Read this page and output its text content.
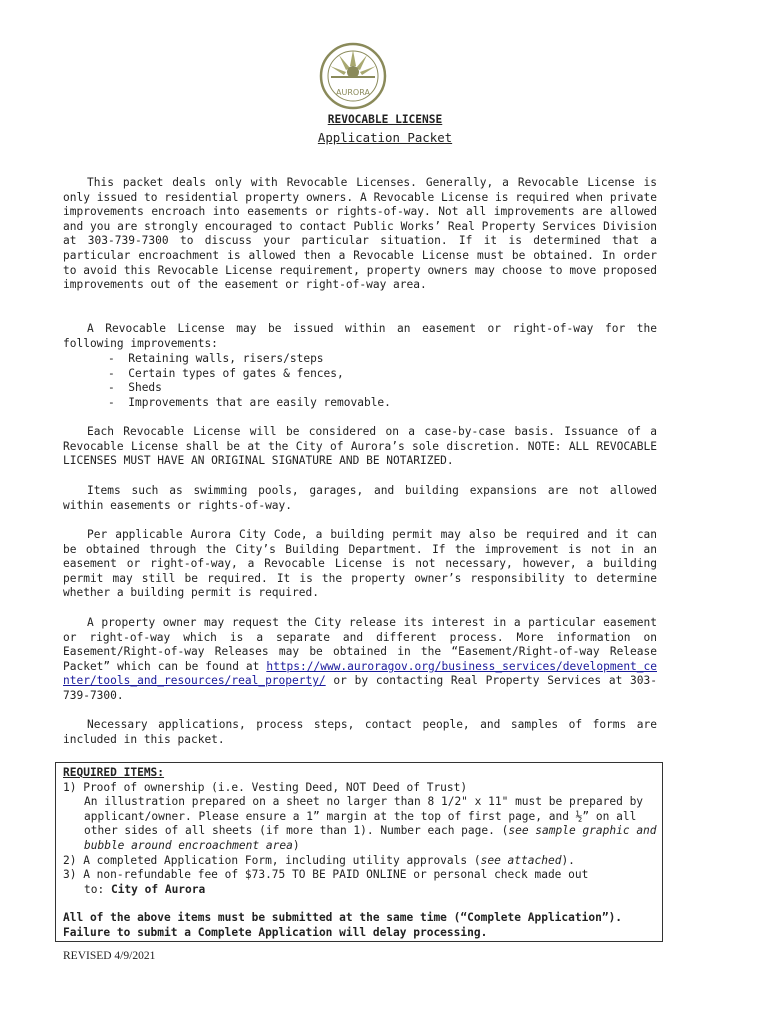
AURORA
REVOCABLE LICENSE
Application Packet

This packet deals only with Revocable Licenses. Generally, a Revocable License is only issued to residential property owners. A Revocable License is required when private improvements encroach into easements or rights-of-way. Not all improvements are allowed and you are strongly encouraged to contact Public Works’ Real Property Services Division at 303-739-7300 to discuss your particular situation. If it is determined that a particular encroachment is allowed then a Revocable License must be obtained. In order to avoid this Revocable License requirement, property owners may choose to move proposed improvements out of the easement or right-of-way area.

A Revocable License may be issued within an easement or right-of-way for the following improvements:

- Retaining walls, risers/steps
- Certain types of gates & fences,
- Sheds
- Improvements that are easily removable.

Each Revocable License will be considered on a case-by-case basis. Issuance of a Revocable License shall be at the City of Aurora’s sole discretion. NOTE: ALL REVOCABLE LICENSES MUST HAVE AN ORIGINAL SIGNATURE AND BE NOTARIZED.

Items such as swimming pools, garages, and building expansions are not allowed within easements or rights-of-way.

Per applicable Aurora City Code, a building permit may also be required and it can be obtained through the City’s Building Department. If the improvement is not in an easement or right-of-way, a Revocable License is not necessary, however, a building permit may still be required. It is the property owner’s responsibility to determine whether a building permit is required.

A property owner may request the City release its interest in a particular easement or right-of-way which is a separate and different process. More information on Easement/Right-of-way Releases may be obtained in the “Easement/Right-of-way Release Packet” which can be found at https://www.auroragov.org/business_services/development_center/tools_and_resources/real_property/ or by contacting Real Property Services at 303-739-7300.

Necessary applications, process steps, contact people, and samples of forms are included in this packet.

REQUIRED ITEMS:

1) Proof of ownership (i.e. Vesting Deed, NOT Deed of Trust)

An illustration prepared on a sheet no larger than 8 1/2" x 11" must be prepared by applicant/owner. Please ensure a 1” margin at the top of first page, and ½” on all other sides of all sheets (if more than 1). Number each page. (see sample graphic and bubble around encroachment area)

2) A completed Application Form, including utility approvals (see attached).

3) A non-refundable fee of $73.75 TO BE PAID ONLINE or personal check made out

to: City of Aurora

All of the above items must be submitted at the same time (“Complete Application”). Failure to submit a Complete Application will delay processing.

REVISED 4/9/2021
